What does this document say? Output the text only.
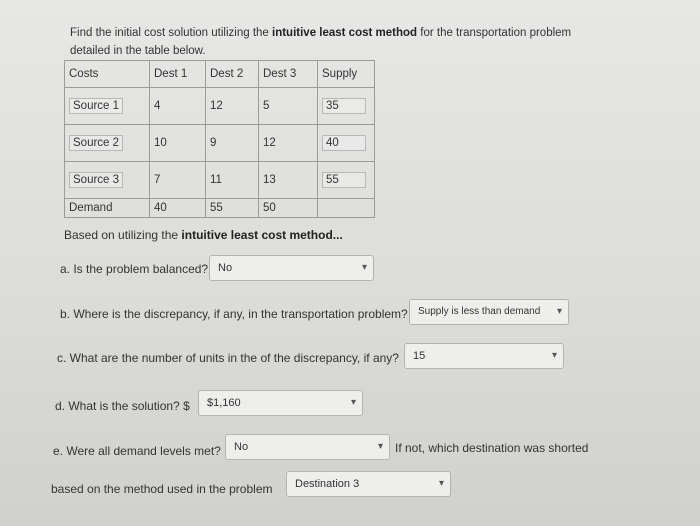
Find the initial cost solution utilizing the intuitive least cost method for the transportation problem detailed in the table below.
Costs	Dest 1	Dest 2	Dest 3	Supply
Source 1	4	12	5	35
Source 2	10	9	12	40
Source 3	7	11	13	55
Demand	40	55	50	
Based on utilizing the intuitive least cost method...
a. Is the problem balanced? No	▾
b. Where is the discrepancy, if any, in the transportation problem? Supply is less than demand ▾
c. What are the number of units in the of the discrepancy, if any? 15	▾
d. What is the solution? $ $1,160	▾
e. Were all demand levels met? No	▾ If not, which destination was shorted
based on the method used in the problem Destination 3	▾
